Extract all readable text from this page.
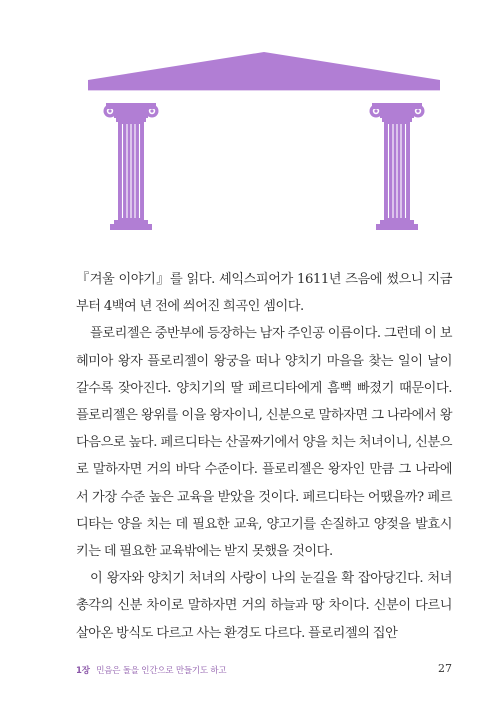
『겨울 이야기』를 읽다. 셰익스피어가 1611년 즈음에 썼으니 지금부터 4백여 년 전에 씌어진 희곡인 셈이다.

플로리젤은 중반부에 등장하는 남자 주인공 이름이다. 그런데 이 보헤미아 왕자 플로리젤이 왕궁을 떠나 양치기 마을을 찾는 일이 날이 갈수록 잦아진다. 양치기의 딸 페르디타에게 흠뻑 빠졌기 때문이다. 플로리젤은 왕위를 이을 왕자이니, 신분으로 말하자면 그 나라에서 왕 다음으로 높다. 페르디타는 산골짜기에서 양을 치는 처녀이니, 신분으로 말하자면 거의 바닥 수준이다. 플로리젤은 왕자인 만큼 그 나라에서 가장 수준 높은 교육을 받았을 것이다. 페르디타는 어땠을까? 페르디타는 양을 치는 데 필요한 교육, 양고기를 손질하고 양젖을 발효시키는 데 필요한 교육밖에는 받지 못했을 것이다.

이 왕자와 양치기 처녀의 사랑이 나의 눈길을 확 잡아당긴다. 처녀 총각의 신분 차이로 말하자면 거의 하늘과 땅 차이다. 신분이 다르니 살아온 방식도 다르고 사는 환경도 다르다. 플로리젤의 집안

1장 민음은 돌을 인간으로 만들기도 하고	27
